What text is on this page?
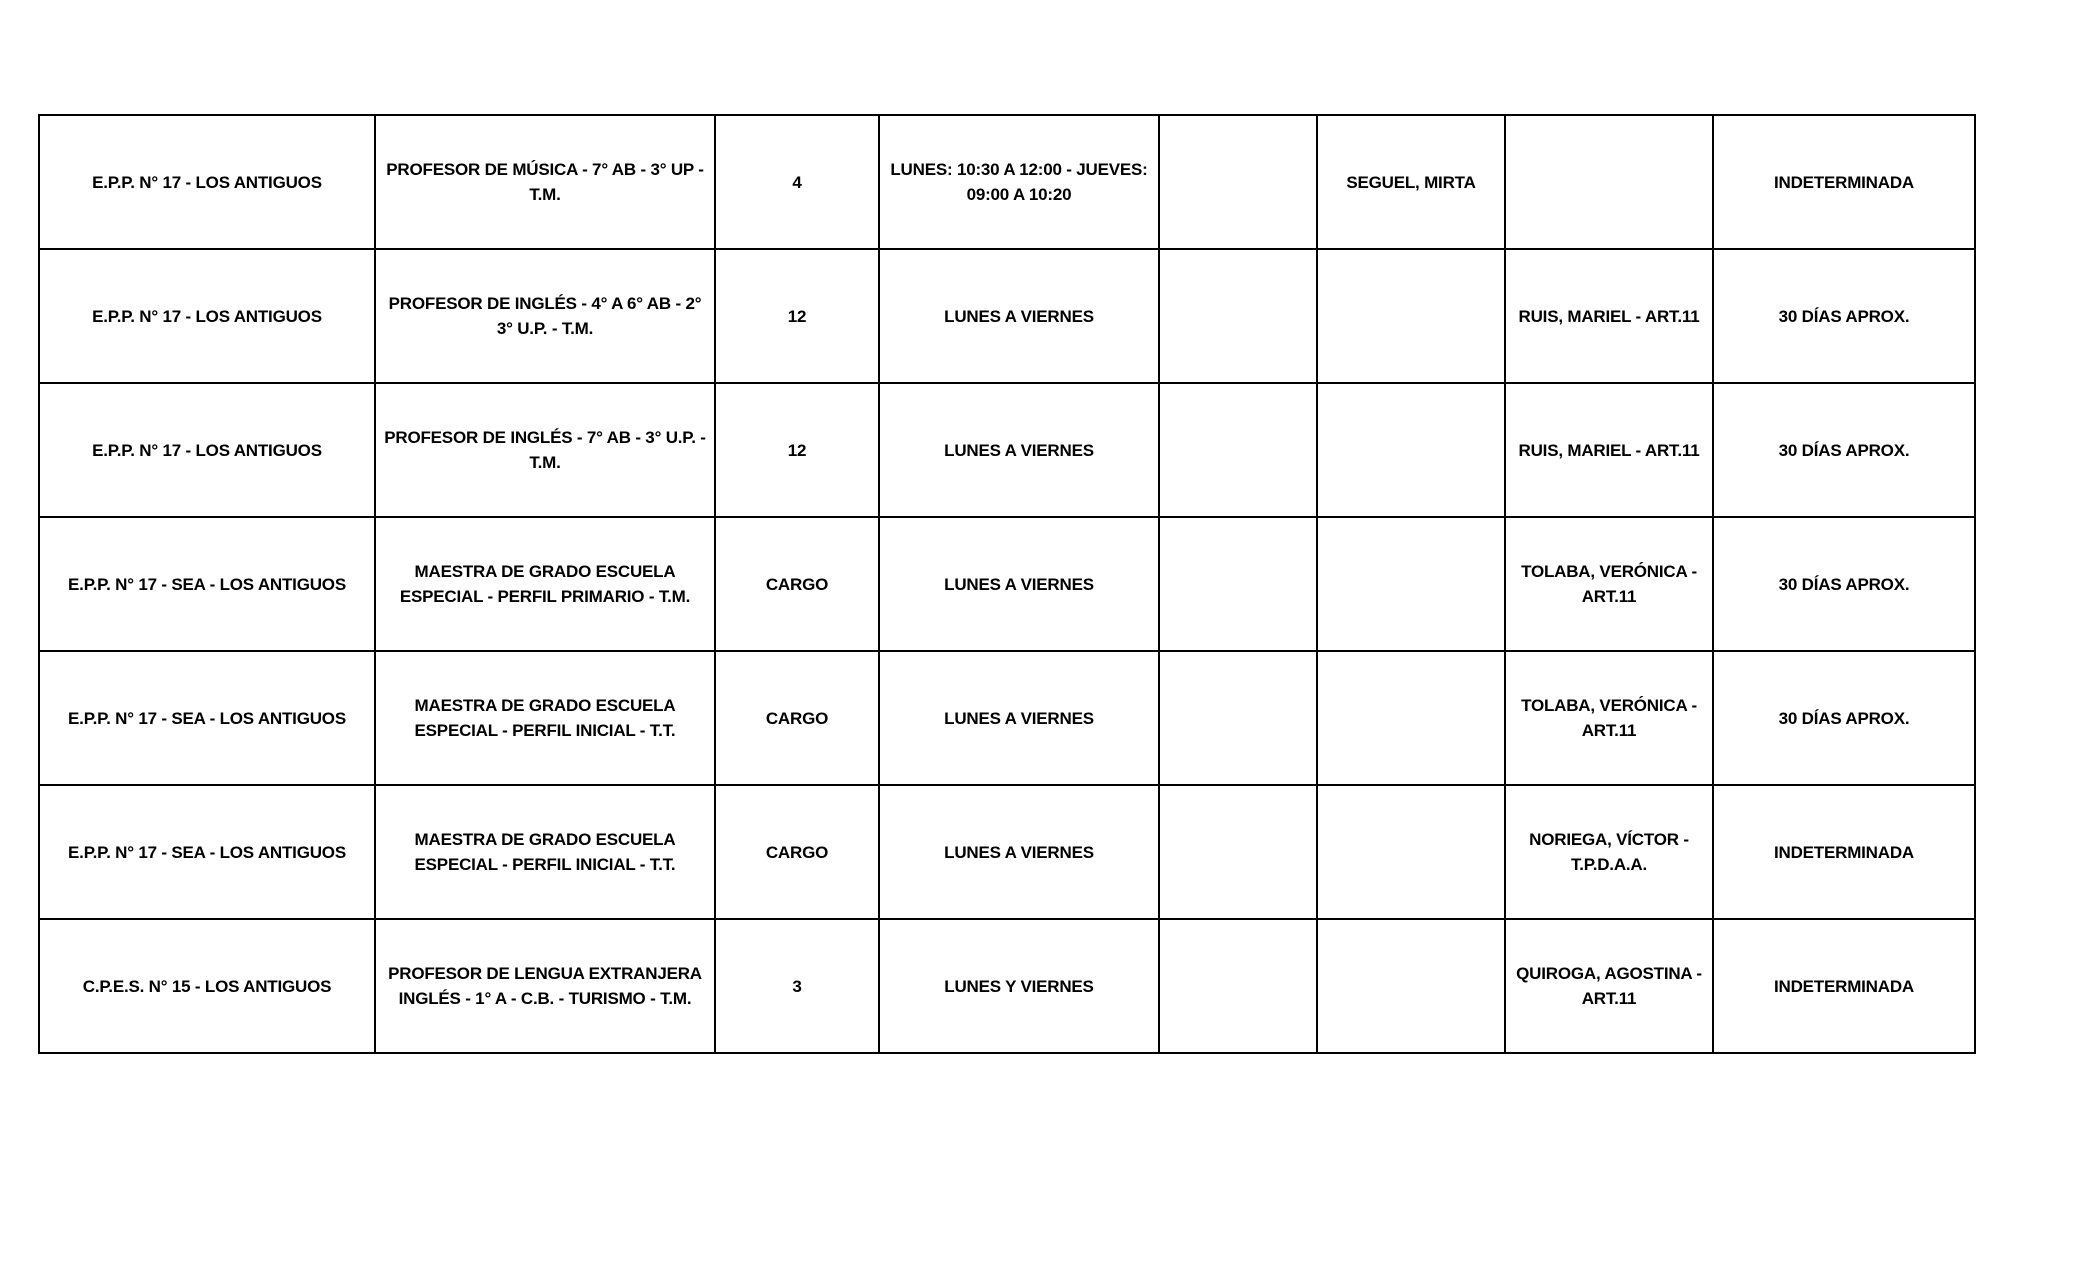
E.P.P. N° 17 - LOS ANTIGUOS	PROFESOR DE MÚSICA - 7° AB - 3° UP - T.M.	4	LUNES: 10:30 A 12:00 - JUEVES: 09:00 A 10:20		SEGUEL, MIRTA		INDETERMINADA
E.P.P. N° 17 - LOS ANTIGUOS	PROFESOR DE INGLÉS - 4° A 6° AB - 2° 3° U.P. - T.M.	12	LUNES A VIERNES			RUIS, MARIEL - ART.11	30 DÍAS APROX.
E.P.P. N° 17 - LOS ANTIGUOS	PROFESOR DE INGLÉS - 7° AB - 3° U.P. - T.M.	12	LUNES A VIERNES			RUIS, MARIEL - ART.11	30 DÍAS APROX.
E.P.P. N° 17 - SEA - LOS ANTIGUOS	MAESTRA DE GRADO ESCUELA ESPECIAL - PERFIL PRIMARIO - T.M.	CARGO	LUNES A VIERNES			TOLABA, VERÓNICA - ART.11	30 DÍAS APROX.
E.P.P. N° 17 - SEA - LOS ANTIGUOS	MAESTRA DE GRADO ESCUELA ESPECIAL - PERFIL INICIAL - T.T.	CARGO	LUNES A VIERNES			TOLABA, VERÓNICA - ART.11	30 DÍAS APROX.
E.P.P. N° 17 - SEA - LOS ANTIGUOS	MAESTRA DE GRADO ESCUELA ESPECIAL - PERFIL INICIAL - T.T.	CARGO	LUNES A VIERNES			NORIEGA, VÍCTOR - T.P.D.A.A.	INDETERMINADA
C.P.E.S. N° 15 - LOS ANTIGUOS	PROFESOR DE LENGUA EXTRANJERA INGLÉS - 1° A - C.B. - TURISMO - T.M.	3	LUNES Y VIERNES			QUIROGA, AGOSTINA - ART.11	INDETERMINADA
